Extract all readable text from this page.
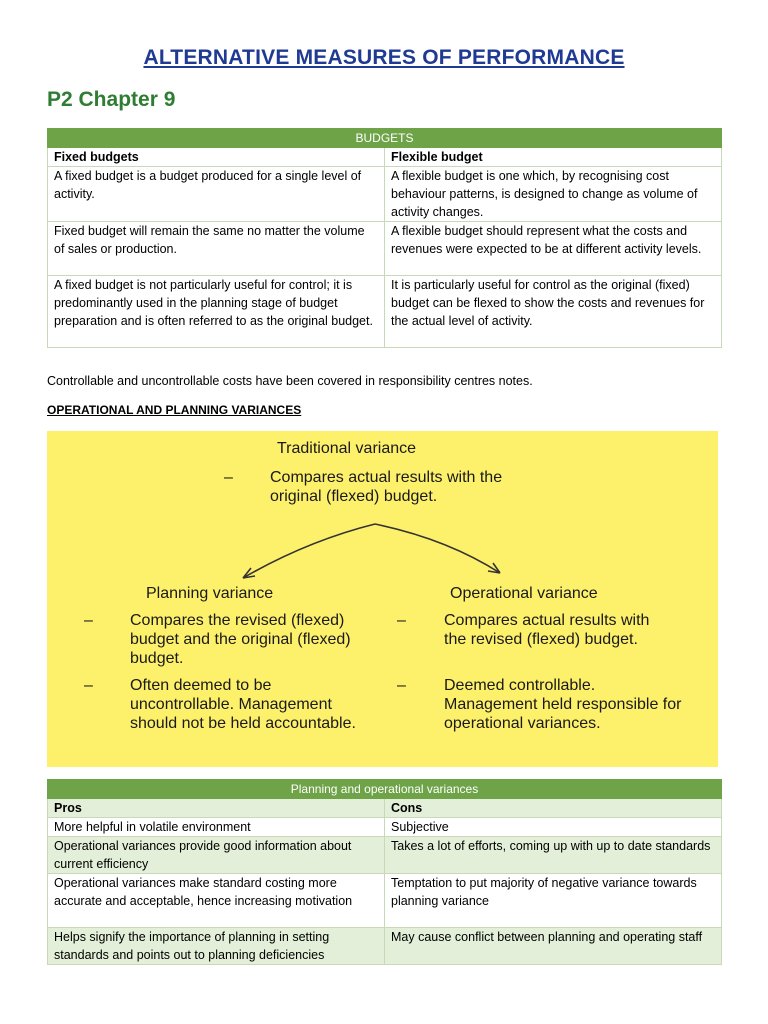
ALTERNATIVE MEASURES OF PERFORMANCE
P2 Chapter 9
BUDGETS	
Fixed budgets	Flexible budget
A fixed budget is a budget produced for a single level of activity.	A flexible budget is one which, by recognising cost behaviour patterns, is designed to change as volume of activity changes.
Fixed budget will remain the same no matter the volume of sales or production.	A flexible budget should represent what the costs and revenues were expected to be at different activity levels.
A fixed budget is not particularly useful for control; it is predominantly used in the planning stage of budget preparation and is often referred to as the original budget.	It is particularly useful for control as the original (fixed) budget can be flexed to show the costs and revenues for the actual level of activity.
Controllable and uncontrollable costs have been covered in responsibility centres notes.
OPERATIONAL AND PLANNING VARIANCES
Traditional variance
– Compares actual results with the original (flexed) budget.
Planning variance
– Compares the revised (flexed) budget and the original (flexed) budget.
– Often deemed to be uncontrollable. Management should not be held accountable.
Operational variance
– Compares actual results with the revised (flexed) budget.
– Deemed controllable. Management held responsible for operational variances.
Planning and operational variances	
Pros	Cons
More helpful in volatile environment	Subjective
Operational variances provide good information about current efficiency	Takes a lot of efforts, coming up with up to date standards
Operational variances make standard costing more accurate and acceptable, hence increasing motivation	Temptation to put majority of negative variance towards planning variance
Helps signify the importance of planning in setting standards and points out to planning deficiencies	May cause conflict between planning and operating staff
